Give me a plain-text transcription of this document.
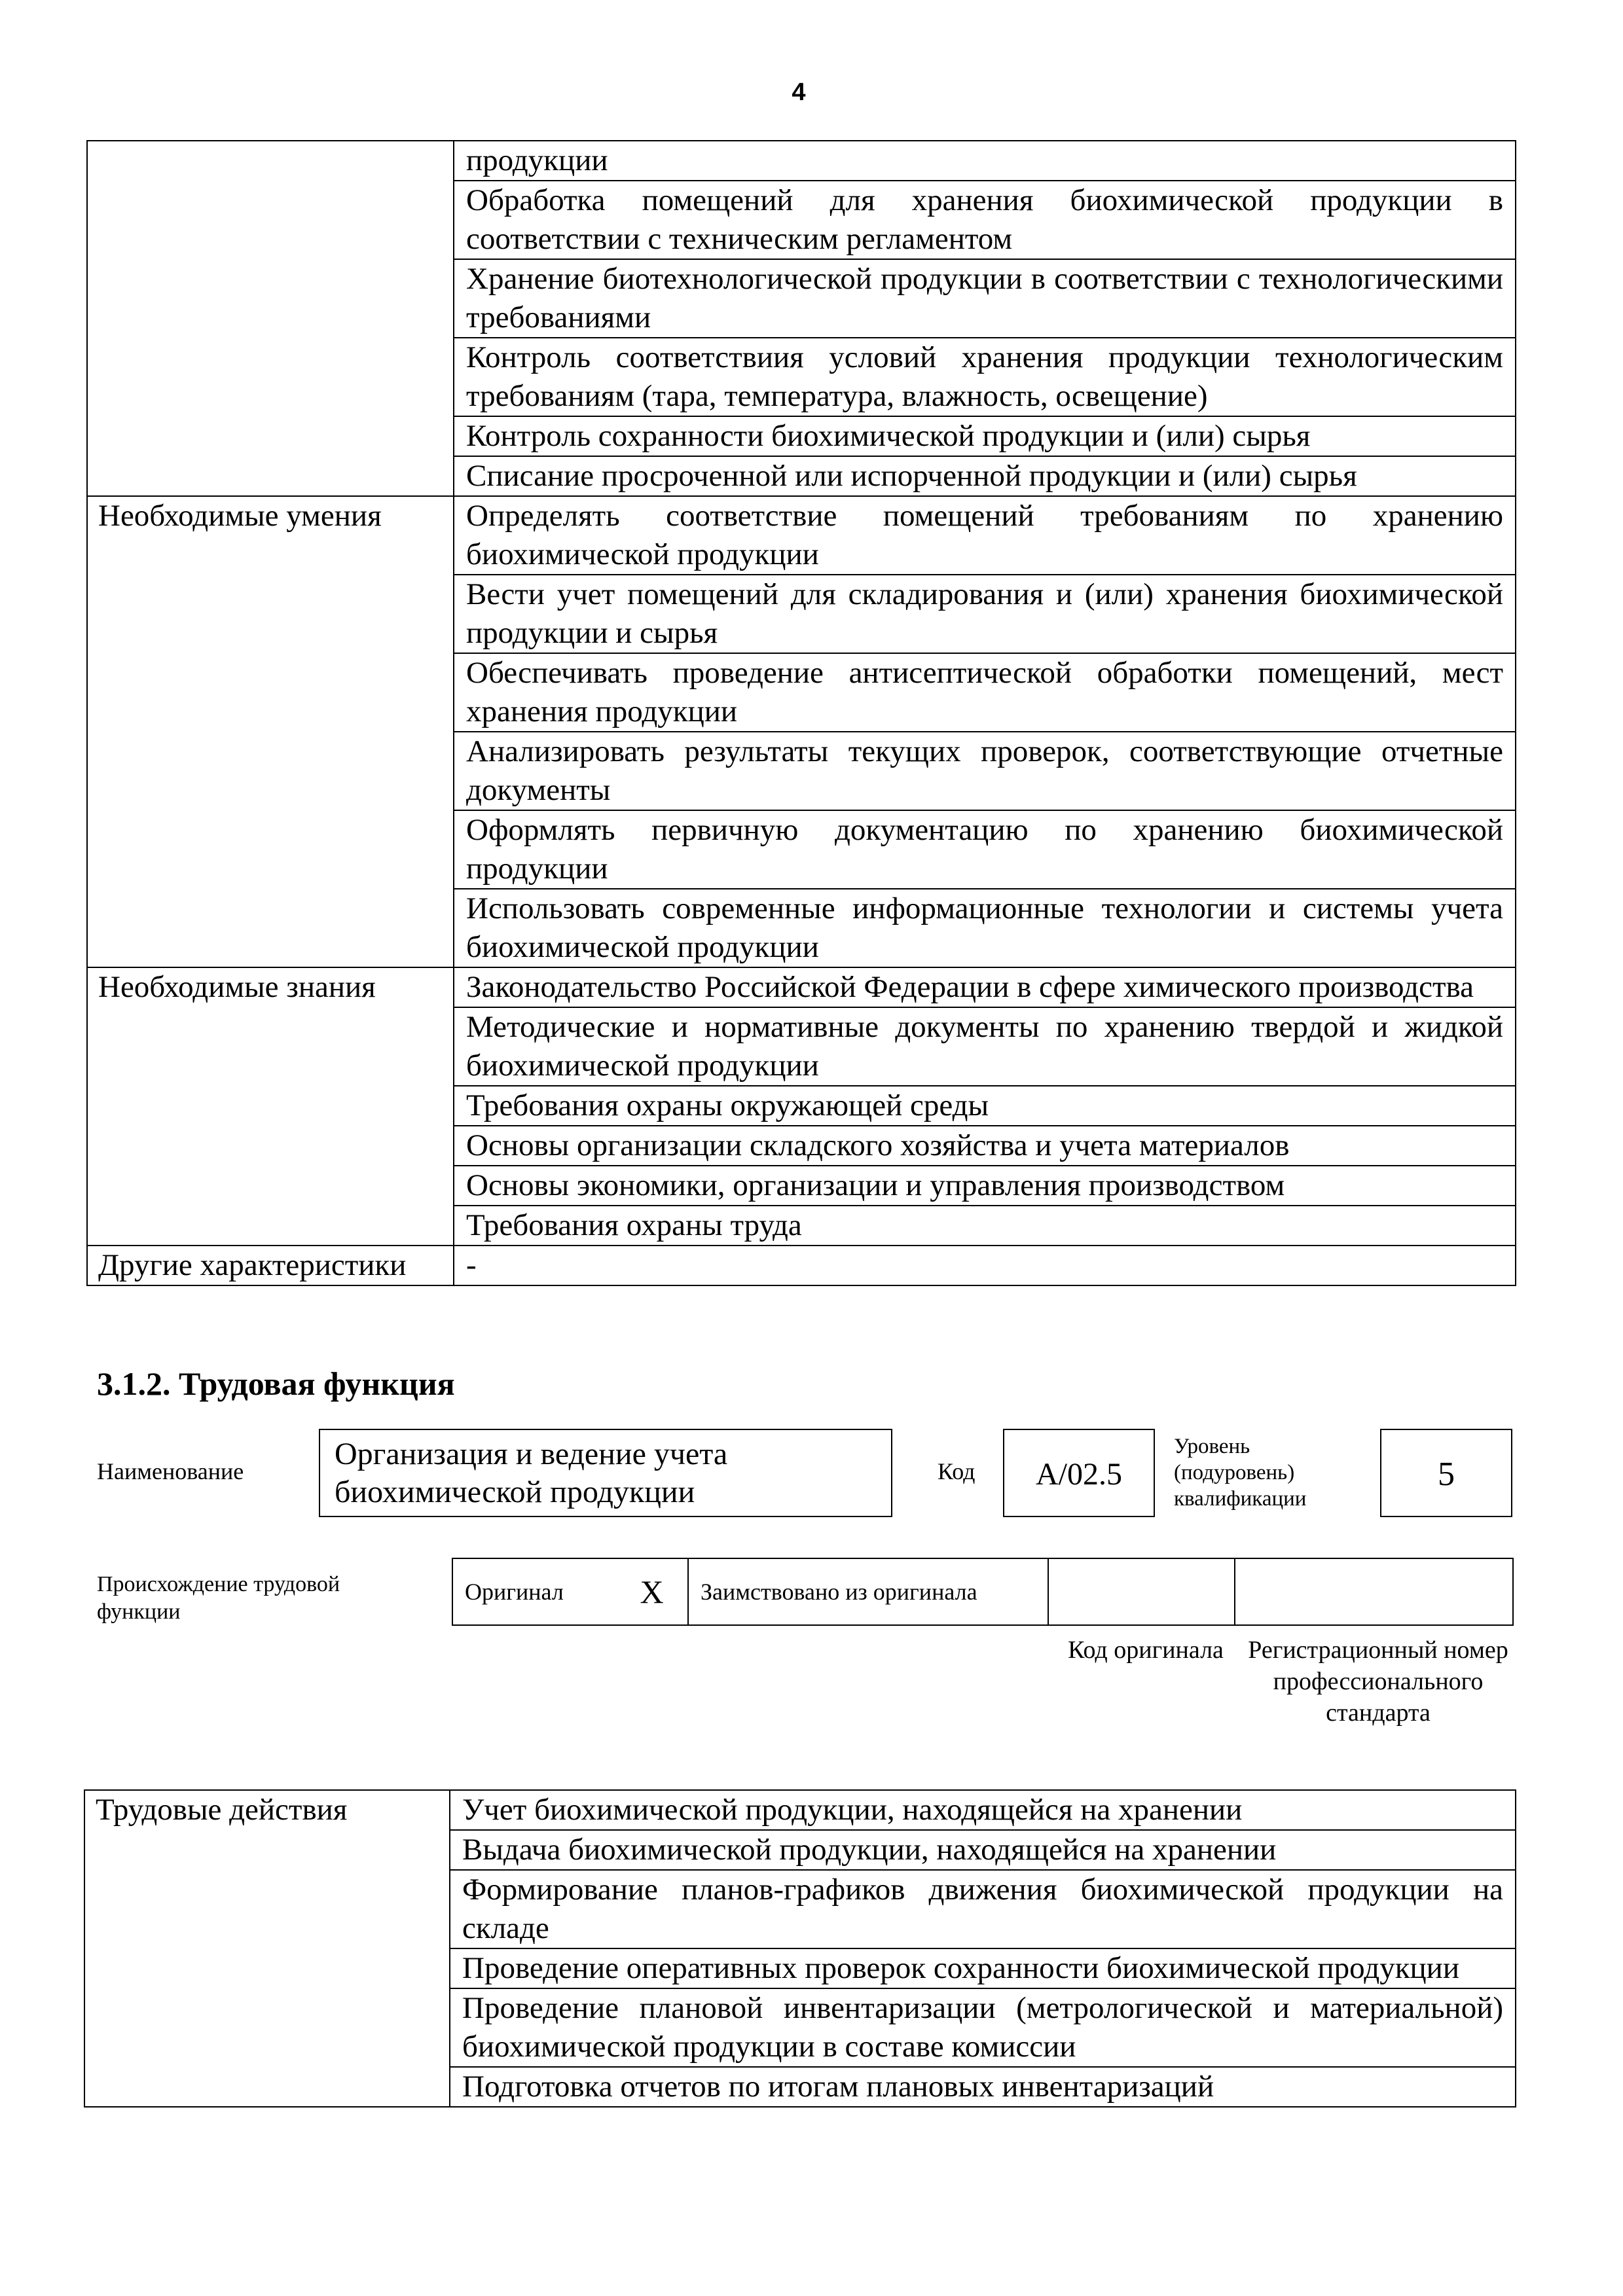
4
	продукции
	Обработка помещений для хранения биохимической продукции в соответствии с техническим регламентом
	Хранение биотехнологической продукции в соответствии с технологическими требованиями
	Контроль соответствиия условий хранения продукции технологическим требованиям (тара, температура, влажность, освещение)
	Контроль сохранности биохимической продукции и (или) сырья
	Списание просроченной или испорченной продукции и (или) сырья
Необходимые умения	Определять соответствие помещений требованиям по хранению биохимической продукции
	Вести учет помещений для складирования и (или) хранения биохимической продукции и сырья
	Обеспечивать проведение антисептической обработки помещений, мест хранения продукции
	Анализировать результаты текущих проверок, соответствующие отчетные документы
	Оформлять первичную документацию по хранению биохимической продукции
	Использовать современные информационные технологии и системы учета биохимической продукции
Необходимые знания	Законодательство Российской Федерации в сфере химического производства
	Методические и нормативные документы по хранению твердой и жидкой биохимической продукции
	Требования охраны окружающей среды
	Основы организации складского хозяйства и учета материалов
	Основы экономики, организации и управления производством
	Требования охраны труда
Другие характеристики	-
3.1.2. Трудовая функция
Наименование	Организация и ведение учета биохимической продукции
Код	A/02.5
Уровень (подуровень) квалификации
5
Происхождение трудовой функции
Оригинал	X	Заимствовано из оригинала		
Код оригинала Регистрационный номер профессионального стандарта
Трудовые действия	Учет биохимической продукции, находящейся на хранении
Выдача биохимической продукции, находящейся на хранении
Формирование планов-графиков движения биохимической продукции на складе
Проведение оперативных проверок сохранности биохимической продукции
Проведение плановой инвентаризации (метрологической и материальной) биохимической продукции в составе комиссии
Подготовка отчетов по итогам плановых инвентаризаций
